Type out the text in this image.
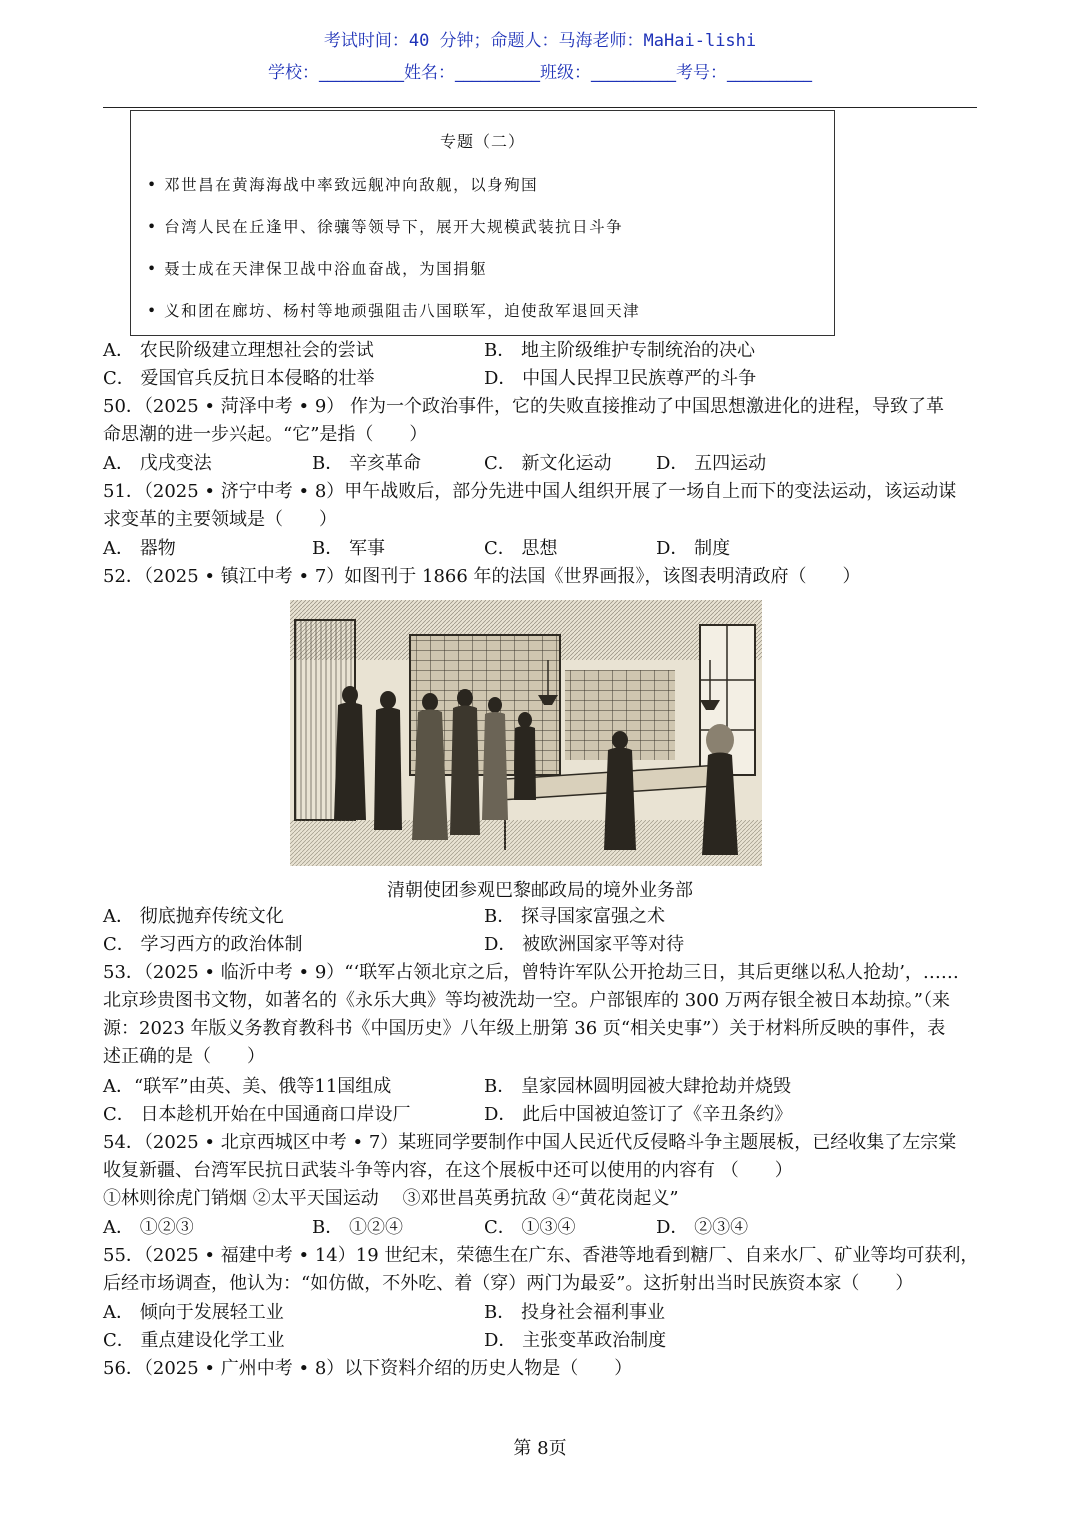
考试时间：40 分钟；命题人：马海老师：MaHai-lishi
学校：__________姓名：__________班级：__________考号：__________
专题（二）
• 邓世昌在黄海海战中率致远舰冲向敌舰，以身殉国
• 台湾人民在丘逢甲、徐骧等领导下，展开大规模武装抗日斗争
• 聂士成在天津保卫战中浴血奋战，为国捐躯
• 义和团在廊坊、杨村等地顽强阻击八国联军，迫使敌军退回天津
A． 农民阶级建立理想社会的尝试	B． 地主阶级维护专制统治的决心
C． 爱国官兵反抗日本侵略的壮举	D． 中国人民捍卫民族尊严的斗争
50．（2025 • 菏泽中考 • 9） 作为一个政治事件，它的失败直接推动了中国思想激进化的进程，导致了革
命思潮的进一步兴起。“它”是指（　　）
A． 戊戌变法	B． 辛亥革命	C． 新文化运动 D． 五四运动
51．（2025 • 济宁中考 • 8）甲午战败后，部分先进中国人组织开展了一场自上而下的变法运动，该运动谋
求变革的主要领域是（　　）
A． 器物	B． 军事	C． 思想	D． 制度
52．（2025 • 镇江中考 • 7）如图刊于 1866 年的法国《世界画报》，该图表明清政府（　　）
清朝使团参观巴黎邮政局的境外业务部
A． 彻底抛弃传统文化	B． 探寻国家富强之术
C． 学习西方的政治体制	D． 被欧洲国家平等对待
53．（2025 • 临沂中考 • 9）“‘联军占领北京之后，曾特许军队公开抢劫三日，其后更继以私人抢劫’，……
北京珍贵图书文物，如著名的《永乐大典》等均被洗劫一空。户部银库的 300 万两存银全被日本劫掠。”（来
源：2023 年版义务教育教科书《中国历史》八年级上册第 36 页“相关史事”）关于材料所反映的事件，表
述正确的是（　　）
A．“联军”由英、美、俄等11国组成	B． 皇家园林圆明园被大肆抢劫并烧毁
C． 日本趁机开始在中国通商口岸设厂	D． 此后中国被迫签订了《辛丑条约》
54．（2025 • 北京西城区中考 • 7）某班同学要制作中国人民近代反侵略斗争主题展板，已经收集了左宗棠
收复新疆、台湾军民抗日武装斗争等内容，在这个展板中还可以使用的内容有 （　　）
①林则徐虎门销烟 ②太平天国运动　 ③邓世昌英勇抗敌 ④“黄花岗起义”
A． ①②③	B． ①②④	C． ①③④	D． ②③④
55．（2025 • 福建中考 • 14）19 世纪末，荣德生在广东、香港等地看到糖厂、自来水厂、矿业等均可获利，
后经市场调查，他认为：“如仿做，不外吃、着（穿）两门为最妥”。这折射出当时民族资本家（　　）
A． 倾向于发展轻工业	B． 投身社会福利事业
C． 重点建设化学工业	D． 主张变革政治制度
56．（2025 • 广州中考 • 8）以下资料介绍的历史人物是（　　）
第 8页
